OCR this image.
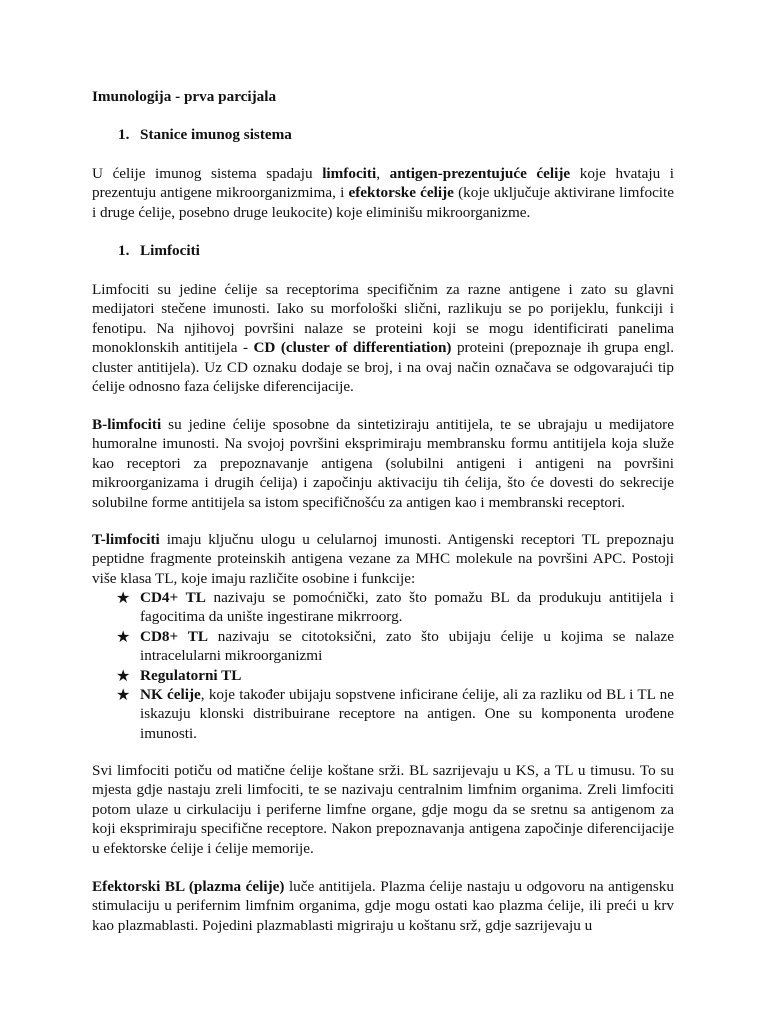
Imunologija - prva parcijala

1. Stanice imunog sistema

U ćelije imunog sistema spadaju limfociti, antigen-prezentujuće ćelije koje hvataju i prezentuju antigene mikroorganizmima, i efektorske ćelije (koje uključuje aktivirane limfocite i druge ćelije, posebno druge leukocite) koje eliminišu mikroorganizme.

1. Limfociti

Limfociti su jedine ćelije sa receptorima specifičnim za razne antigene i zato su glavni medijatori stečene imunosti. Iako su morfološki slični, razlikuju se po porijeklu, funkciji i fenotipu. Na njihovoj površini nalaze se proteini koji se mogu identificirati panelima monoklonskih antitijela - CD (cluster of differentiation) proteini (prepoznaje ih grupa engl. cluster antitijela). Uz CD oznaku dodaje se broj, i na ovaj način označava se odgovarajući tip ćelije odnosno faza ćelijske diferencijacije.

B-limfociti su jedine ćelije sposobne da sintetiziraju antitijela, te se ubrajaju u medijatore humoralne imunosti. Na svojoj površini eksprimiraju membransku formu antitijela koja služe kao receptori za prepoznavanje antigena (solubilni antigeni i antigeni na površini mikroorganizama i drugih ćelija) i započinju aktivaciju tih ćelija, što će dovesti do sekrecije solubilne forme antitijela sa istom specifičnošću za antigen kao i membranski receptori.

T-limfociti imaju ključnu ulogu u celularnoj imunosti. Antigenski receptori TL prepoznaju peptidne fragmente proteinskih antigena vezane za MHC molekule na površini APC. Postoji više klasa TL, koje imaju različite osobine i funkcije:

★ CD4+ TL nazivaju se pomoćnički, zato što pomažu BL da produkuju antitijela i fagocitima da unište ingestirane mikrroorg.
★ CD8+ TL nazivaju se citotoksični, zato što ubijaju ćelije u kojima se nalaze intracelularni mikroorganizmi
★ Regulatorni TL
★ NK ćelije, koje također ubijaju sopstvene inficirane ćelije, ali za razliku od BL i TL ne iskazuju klonski distribuirane receptore na antigen. One su komponenta urođene imunosti.

Svi limfociti potiču od matične ćelije koštane srži. BL sazrijevaju u KS, a TL u timusu. To su mjesta gdje nastaju zreli limfociti, te se nazivaju centralnim limfnim organima. Zreli limfociti potom ulaze u cirkulaciju i periferne limfne organe, gdje mogu da se sretnu sa antigenom za koji eksprimiraju specifične receptore. Nakon prepoznavanja antigena započinje diferencijacije u efektorske ćelije i ćelije memorije.

Efektorski BL (plazma ćelije) luče antitijela. Plazma ćelije nastaju u odgovoru na antigensku stimulaciju u perifernim limfnim organima, gdje mogu ostati kao plazma ćelije, ili preći u krv kao plazmablasti. Pojedini plazmablasti migriraju u koštanu srž, gdje sazrijevaju u
